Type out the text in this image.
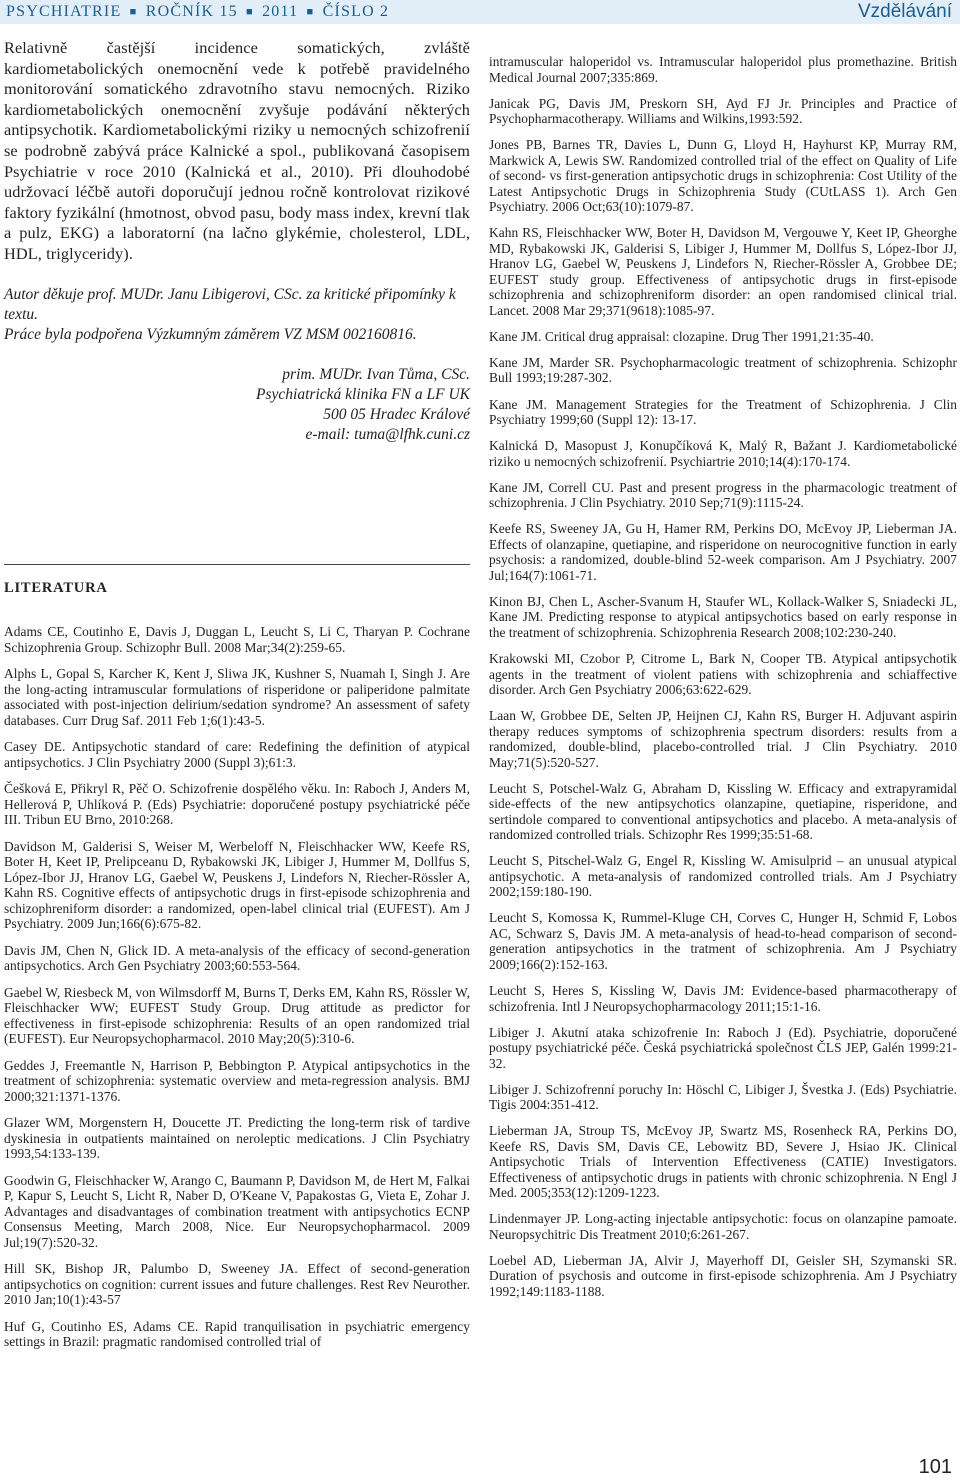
PSYCHIATRIE ■ ROČNÍK 15 ■ 2011 ■ ČÍSLO 2	Vzdělávání

Relativně častější incidence somatických, zvláště kardiometabolických onemocnění vede k potřebě pravidelného monitorování somatického zdravotního stavu nemocných. Riziko kardiometabolických onemocnění zvyšuje podávání některých antipsychotik. Kardiometabolickými riziky u nemocných schizofrenií se podrobně zabývá práce Kalnické a spol., publikovaná časopisem Psychiatrie v roce 2010 (Kalnická et al., 2010). Při dlouhodobé udržovací léčbě autoři doporučují jednou ročně kontrolovat rizikové faktory fyzikální (hmotnost, obvod pasu, body mass index, krevní tlak a pulz, EKG) a laboratorní (na lačno glykémie, cholesterol, LDL, HDL, triglyceridy).

Autor děkuje prof. MUDr. Janu Libigerovi, CSc. za kritické připomínky k textu.

Práce byla podpořena Výzkumným záměrem VZ MSM 002160816.

prim. MUDr. Ivan Tůma, CSc.
Psychiatrická klinika FN a LF UK
500 05 Hradec Králové
e-mail: tuma@lfhk.cuni.cz
LITERATURA

Adams CE, Coutinho E, Davis J, Duggan L, Leucht S, Li C, Tharyan P. Cochrane Schizophrenia Group. Schizophr Bull. 2008 Mar;34(2):259-65.

Alphs L, Gopal S, Karcher K, Kent J, Sliwa JK, Kushner S, Nuamah I, Singh J. Are the long-acting intramuscular formulations of risperidone or paliperidone palmitate associated with post-injection delirium/sedation syndrome? An assessment of safety databases. Curr Drug Saf. 2011 Feb 1;6(1):43-5.

Casey DE. Antipsychotic standard of care: Redefining the definition of atypical antipsychotics. J Clin Psychiatry 2000 (Suppl 3);61:3.

Češková E, Přikryl R, Pěč O. Schizofrenie dospělého věku. In: Raboch J, Anders M, Hellerová P, Uhlíková P. (Eds) Psychiatrie: doporučené postupy psychiatrické péče III. Tribun EU Brno, 2010:268.

Davidson M, Galderisi S, Weiser M, Werbeloff N, Fleischhacker WW, Keefe RS, Boter H, Keet IP, Prelipceanu D, Rybakowski JK, Libiger J, Hummer M, Dollfus S, López-Ibor JJ, Hranov LG, Gaebel W, Peuskens J, Lindefors N, Riecher-Rössler A, Kahn RS. Cognitive effects of antipsychotic drugs in first-episode schizophrenia and schizophreniform disorder: a randomized, open-label clinical trial (EUFEST). Am J Psychiatry. 2009 Jun;166(6):675-82.

Davis JM, Chen N, Glick ID. A meta-analysis of the efficacy of second-generation antipsychotics. Arch Gen Psychiatry 2003;60:553-564.

Gaebel W, Riesbeck M, von Wilmsdorff M, Burns T, Derks EM, Kahn RS, Rössler W, Fleischhacker WW; EUFEST Study Group. Drug attitude as predictor for effectiveness in first-episode schizophrenia: Results of an open randomized trial (EUFEST). Eur Neuropsychopharmacol. 2010 May;20(5):310-6.

Geddes J, Freemantle N, Harrison P, Bebbington P. Atypical antipsychotics in the treatment of schizophrenia: systematic overview and meta-regression analysis. BMJ 2000;321:1371-1376.

Glazer WM, Morgenstern H, Doucette JT. Predicting the long-term risk of tardive dyskinesia in outpatients maintained on neroleptic medications. J Clin Psychiatry 1993,54:133-139.

Goodwin G, Fleischhacker W, Arango C, Baumann P, Davidson M, de Hert M, Falkai P, Kapur S, Leucht S, Licht R, Naber D, O'Keane V, Papakostas G, Vieta E, Zohar J. Advantages and disadvantages of combination treatment with antipsychotics ECNP Consensus Meeting, March 2008, Nice. Eur Neuropsychopharmacol. 2009 Jul;19(7):520-32.

Hill SK, Bishop JR, Palumbo D, Sweeney JA. Effect of second-generation antipsychotics on cognition: current issues and future challenges. Rest Rev Neurother. 2010 Jan;10(1):43-57

Huf G, Coutinho ES, Adams CE. Rapid tranquilisation in psychiatric emergency settings in Brazil: pragmatic randomised controlled trial of

intramuscular haloperidol vs. Intramuscular haloperidol plus promethazine. British Medical Journal 2007;335:869.

Janicak PG, Davis JM, Preskorn SH, Ayd FJ Jr. Principles and Practice of Psychopharmacotherapy. Williams and Wilkins,1993:592.

Jones PB, Barnes TR, Davies L, Dunn G, Lloyd H, Hayhurst KP, Murray RM, Markwick A, Lewis SW. Randomized controlled trial of the effect on Quality of Life of second- vs first-generation antipsychotic drugs in schizophrenia: Cost Utility of the Latest Antipsychotic Drugs in Schizophrenia Study (CUtLASS 1). Arch Gen Psychiatry. 2006 Oct;63(10):1079-87.

Kahn RS, Fleischhacker WW, Boter H, Davidson M, Vergouwe Y, Keet IP, Gheorghe MD, Rybakowski JK, Galderisi S, Libiger J, Hummer M, Dollfus S, López-Ibor JJ, Hranov LG, Gaebel W, Peuskens J, Lindefors N, Riecher-Rössler A, Grobbee DE; EUFEST study group. Effectiveness of antipsychotic drugs in first-episode schizophrenia and schizophreniform disorder: an open randomised clinical trial. Lancet. 2008 Mar 29;371(9618):1085-97.

Kane JM. Critical drug appraisal: clozapine. Drug Ther 1991,21:35-40.

Kane JM, Marder SR. Psychopharmacologic treatment of schizophrenia. Schizophr Bull 1993;19:287-302.

Kane JM. Management Strategies for the Treatment of Schizophrenia. J Clin Psychiatry 1999;60 (Suppl 12): 13-17.

Kalnická D, Masopust J, Konupčíková K, Malý R, Bažant J. Kardiometabolické riziko u nemocných schizofrenií. Psychiartrie 2010;14(4):170-174.

Kane JM, Correll CU. Past and present progress in the pharmacologic treatment of schizophrenia. J Clin Psychiatry. 2010 Sep;71(9):1115-24.

Keefe RS, Sweeney JA, Gu H, Hamer RM, Perkins DO, McEvoy JP, Lieberman JA. Effects of olanzapine, quetiapine, and risperidone on neurocognitive function in early psychosis: a randomized, double-blind 52-week comparison. Am J Psychiatry. 2007 Jul;164(7):1061-71.

Kinon BJ, Chen L, Ascher-Svanum H, Staufer WL, Kollack-Walker S, Sniadecki JL, Kane JM. Predicting response to atypical antipsychotics based on early response in the treatment of schizophrenia. Schizophrenia Research 2008;102:230-240.

Krakowski MI, Czobor P, Citrome L, Bark N, Cooper TB. Atypical antipsychotik agents in the treatment of violent patiens with schizophrenia and schiaffective disorder. Arch Gen Psychiatry 2006;63:622-629.

Laan W, Grobbee DE, Selten JP, Heijnen CJ, Kahn RS, Burger H. Adjuvant aspirin therapy reduces symptoms of schizophrenia spectrum disorders: results from a randomized, double-blind, placebo-controlled trial. J Clin Psychiatry. 2010 May;71(5):520-527.

Leucht S, Potschel-Walz G, Abraham D, Kissling W. Efficacy and extrapyramidal side-effects of the new antipsychotics olanzapine, quetiapine, risperidone, and sertindole compared to conventional antipsychotics and placebo. A meta-analysis of randomized controlled trials. Schizophr Res 1999;35:51-68.

Leucht S, Pitschel-Walz G, Engel R, Kissling W. Amisulprid – an unusual atypical antipsychotic. A meta-analysis of randomized controlled trials. Am J Psychiatry 2002;159:180-190.

Leucht S, Komossa K, Rummel-Kluge CH, Corves C, Hunger H, Schmid F, Lobos AC, Schwarz S, Davis JM. A meta-analysis of head-to-head comparison of second-generation antipsychotics in the tratment of schizophrenia. Am J Psychiatry 2009;166(2):152-163.

Leucht S, Heres S, Kissling W, Davis JM: Evidence-based pharmacotherapy of schizofrenia. Intl J Neuropsychopharmacology 2011;15:1-16.

Libiger J. Akutní ataka schizofrenie In: Raboch J (Ed). Psychiatrie, doporučené postupy psychiatrické péče. Česká psychiatrická společnost ČLS JEP, Galén 1999:21-32.

Libiger J. Schizofrenní poruchy In: Höschl C, Libiger J, Švestka J. (Eds) Psychiatrie. Tigis 2004:351-412.

Lieberman JA, Stroup TS, McEvoy JP, Swartz MS, Rosenheck RA, Perkins DO, Keefe RS, Davis SM, Davis CE, Lebowitz BD, Severe J, Hsiao JK. Clinical Antipsychotic Trials of Intervention Effectiveness (CATIE) Investigators. Effectiveness of antipsychotic drugs in patients with chronic schizophrenia. N Engl J Med. 2005;353(12):1209-1223.

Lindenmayer JP. Long-acting injectable antipsychotic: focus on olanzapine pamoate. Neuropsychitric Dis Treatment 2010;6:261-267.

Loebel AD, Lieberman JA, Alvir J, Mayerhoff DI, Geisler SH, Szymanski SR. Duration of psychosis and outcome in first-episode schizophrenia. Am J Psychiatry 1992;149:1183-1188.

101
